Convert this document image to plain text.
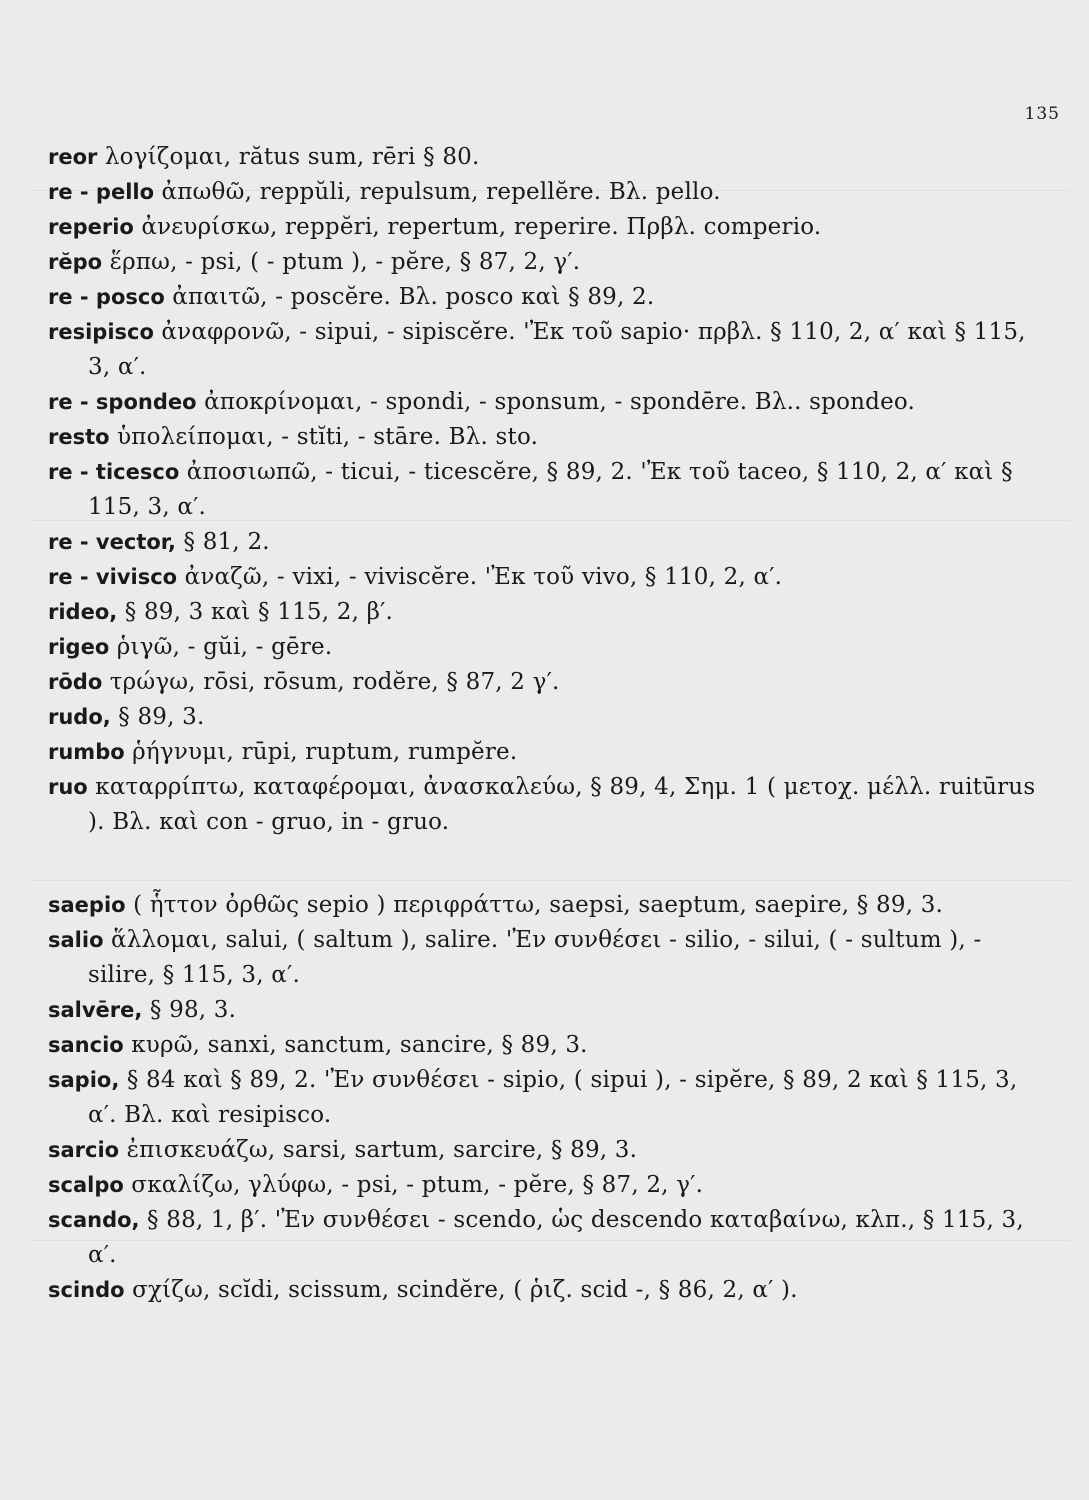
135

reor λογίζομαι, rătus sum, rēri § 80.

re - pello ἀπωθῶ, reppŭli, repulsum, repellĕre. Βλ. pello.

reperio ἀνευρίσκω, reppĕri, repertum, reperire. Πρβλ. comperio.

rĕpo ἕρπω, - psi, ( - ptum ), - pĕre, § 87, 2, γ′.

re - posco ἀπαιτῶ, - poscĕre. Βλ. posco καὶ § 89, 2.

resipisco ἀναφρονῶ, - sipui, - sipiscĕre. 'Ἐκ τοῦ sapio· πρβλ. § 110, 2, α′ καὶ § 115, 3, α′.

re - spondeo ἀποκρίνομαι, - spondi, - sponsum, - spondēre. Βλ.. spondeo.

resto ὑπολείπομαι, - stĭti, - stāre. Βλ. sto.

re - ticesco ἀποσιωπῶ, - ticui, - ticescĕre, § 89, 2. 'Ἐκ τοῦ taceo, § 110, 2, α′ καὶ § 115, 3, α′.

re - vector, § 81, 2.

re - vivisco ἀναζῶ, - vixi, - viviscĕre. 'Ἐκ τοῦ vivo, § 110, 2, α′.

rideo, § 89, 3 καὶ § 115, 2, β′.

rigeo ῥιγῶ, - gŭi, - gēre.

rōdo τρώγω, rōsi, rōsum, rodĕre, § 87, 2 γ′.

rudo, § 89, 3.

rumbo ῥήγνυμι, rūpi, ruptum, rumpĕre.

ruo καταρρίπτω, καταφέρομαι, ἀνασκαλεύω, § 89, 4, Σημ. 1 ( μετοχ. μέλλ. ruitūrus ). Βλ. καὶ con - gruo, in - gruo.

saepio ( ἧττον ὀρθῶς sepio ) περιφράττω, saepsi, saeptum, saepire, § 89, 3.

salio ἅλλομαι, salui, ( saltum ), salire. 'Ἐν συνθέσει - silio, - silui, ( - sultum ), - silire, § 115, 3, α′.

salvēre, § 98, 3.

sancio κυρῶ, sanxi, sanctum, sancire, § 89, 3.

sapio, § 84 καὶ § 89, 2. 'Ἐν συνθέσει - sipio, ( sipui ), - sipĕre, § 89, 2 καὶ § 115, 3, α′. Βλ. καὶ resipisco.

sarcio ἐπισκευάζω, sarsi, sartum, sarcire, § 89, 3.

scalpo σκαλίζω, γλύφω, - psi, - ptum, - pĕre, § 87, 2, γ′.

scando, § 88, 1, β′. 'Ἐν συνθέσει - scendo, ὡς descendo καταβαίνω, κλπ., § 115, 3, α′.

scindo σχίζω, scĭdi, scissum, scindĕre, ( ῥιζ. scid -, § 86, 2, α′ ).
